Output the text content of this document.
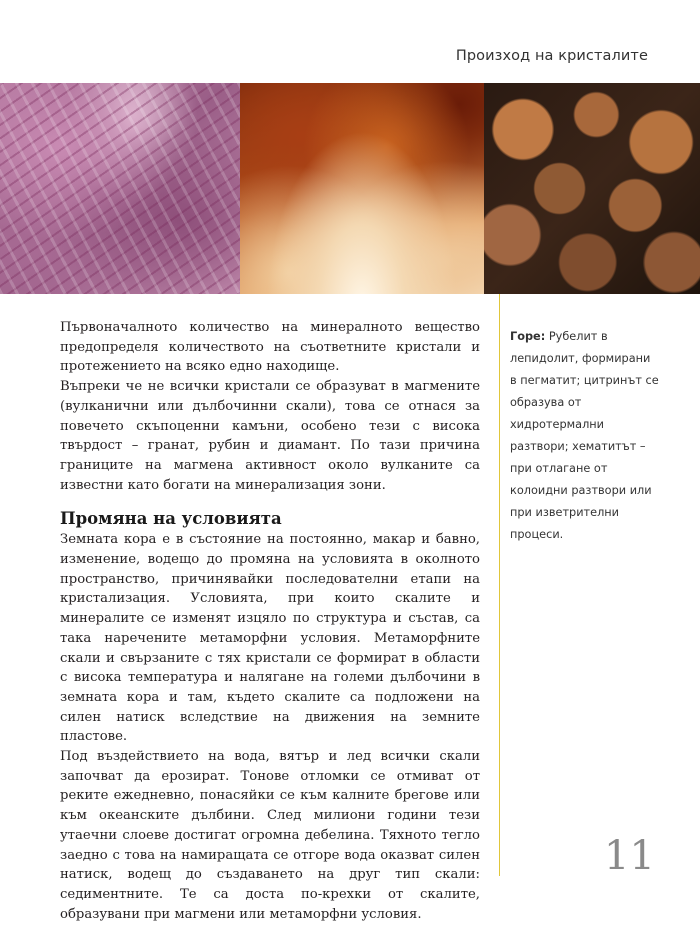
Произход на кристалите
Горе: Рубелит в лепидолит, формирани в пегматит; цитринът се образува от хидротермални разтвори; хематитът – при отлагане от колоидни разтвори или при изветрителни процеси.

Първоначалното количество на минералното вещество предопределя количеството на съответните кристали и протежението на всяко едно находище.

Въпреки че не всички кристали се образуват в магмените (вулканични или дълбочинни скали), това се отнася за повечето скъпоценни камъни, особено тези с висока твърдост – гранат, рубин и диамант. По тази причина границите на магмена активност около вулканите са известни като богати на минерализация зони.

Промяна на условията

Земната кора е в състояние на постоянно, макар и бавно, изменение, водещо до промяна на условията в околното пространство, причинявайки последователни етапи на кристализация. Условията, при които скалите и минералите се изменят изцяло по структура и състав, са така наречените метаморфни условия. Метаморфните скали и свързаните с тях кристали се формират в области с висока температура и налягане на големи дълбочини в земната кора и там, където скалите са подложени на силен натиск вследствие на движения на земните пластове.

Под въздействието на вода, вятър и лед всички скали започват да ерозират. Тонове отломки се отмиват от реките ежедневно, понасяйки се към калните брегове или към океанските дълбини. След милиони години тези утаечни слоеве достигат огромна дебелина. Тяхното тегло заедно с това на намиращата се отгоре вода оказват силен натиск, водещ до създаването на друг тип скали: седиментните. Те са доста по-крехки от скалите, образувани при магмени или метаморфни условия.

11
